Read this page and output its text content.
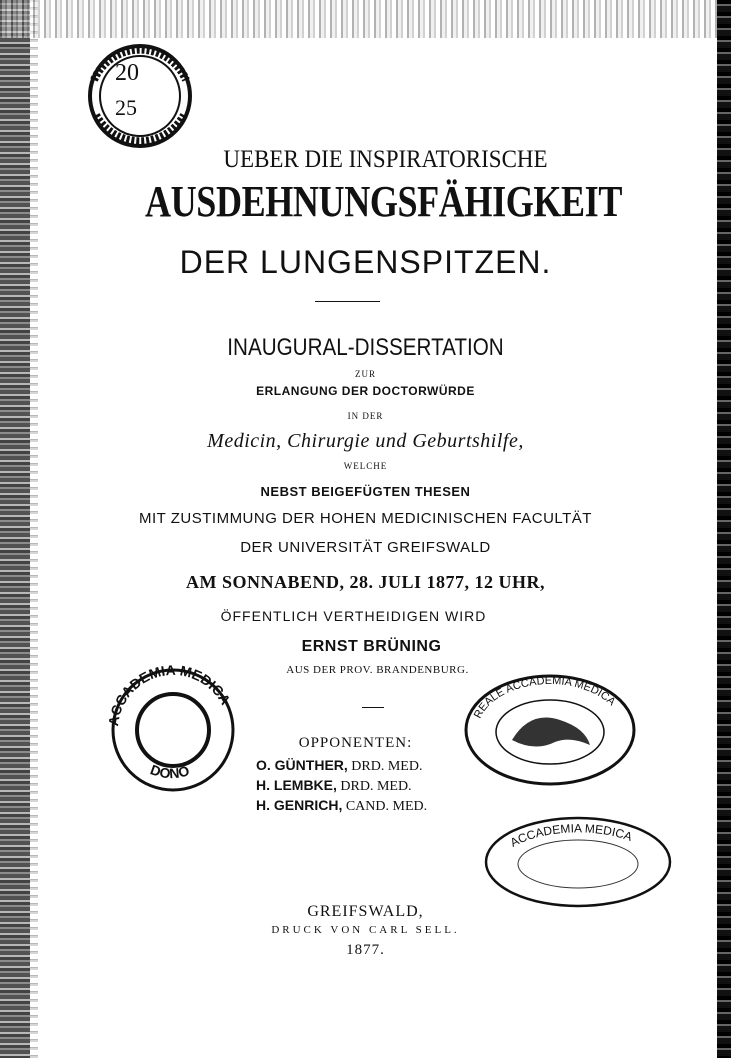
20
25
UEBER DIE INSPIRATORISCHE
AUSDEHNUNGSFÄHIGKEIT
DER LUNGENSPITZEN.
INAUGURAL-DISSERTATION
ZUR
ERLANGUNG DER DOCTORWÜRDE
IN DER
Medicin, Chirurgie und Geburtshilfe,
WELCHE
NEBST BEIGEFÜGTEN THESEN
MIT ZUSTIMMUNG DER HOHEN MEDICINISCHEN FACULTÄT
DER UNIVERSITÄT GREIFSWALD
AM SONNABEND, 28. JULI 1877, 12 UHR,
ÖFFENTLICH VERTHEIDIGEN WIRD
ERNST BRÜNING
AUS DER PROV. BRANDENBURG.
ACCADEMIA MEDICA
DONO
REALE ACCADEMIA MEDICA
OPPONENTEN:
O. GÜNTHER, DRD. MED.
H. LEMBKE, DRD. MED.
H. GENRICH, CAND. MED.
ACCADEMIA MEDICA
GREIFSWALD,
DRUCK VON CARL SELL.
1877.
